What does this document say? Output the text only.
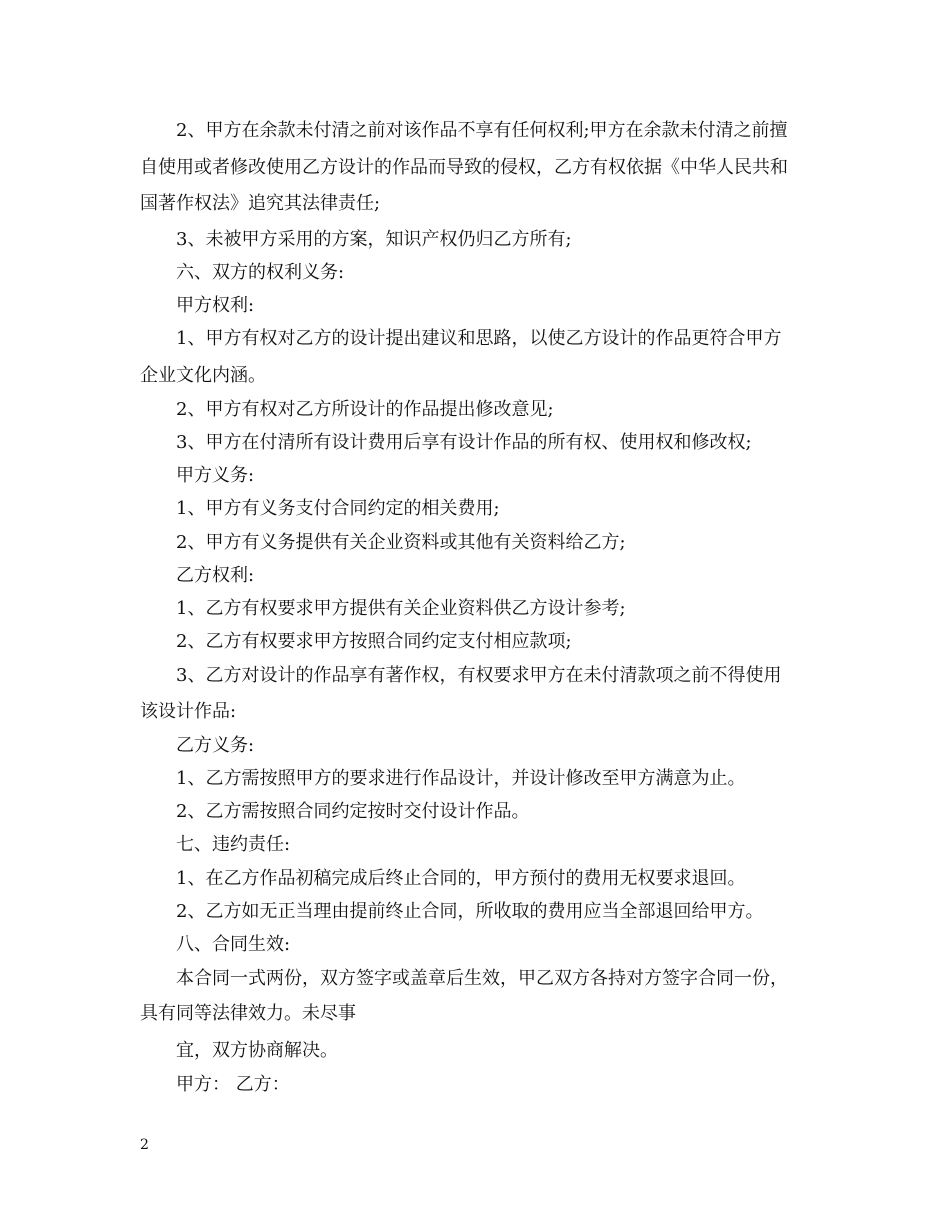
2、甲方在余款未付清之前对该作品不享有任何权利;甲方在余款未付清之前擅
自使用或者修改使用乙方设计的作品而导致的侵权，乙方有权依据《中华人民共和
国著作权法》追究其法律责任;
3、未被甲方采用的方案，知识产权仍归乙方所有;
六、双方的权利义务:
甲方权利:
1、甲方有权对乙方的设计提出建议和思路，以使乙方设计的作品更符合甲方
企业文化内涵。
2、甲方有权对乙方所设计的作品提出修改意见;
3、甲方在付清所有设计费用后享有设计作品的所有权、使用权和修改权;
甲方义务:
1、甲方有义务支付合同约定的相关费用;
2、甲方有义务提供有关企业资料或其他有关资料给乙方;
乙方权利:
1、乙方有权要求甲方提供有关企业资料供乙方设计参考;
2、乙方有权要求甲方按照合同约定支付相应款项;
3、乙方对设计的作品享有著作权，有权要求甲方在未付清款项之前不得使用
该设计作品:
乙方义务:
1、乙方需按照甲方的要求进行作品设计，并设计修改至甲方满意为止。
2、乙方需按照合同约定按时交付设计作品。
七、违约责任:
1、在乙方作品初稿完成后终止合同的，甲方预付的费用无权要求退回。
2、乙方如无正当理由提前终止合同，所收取的费用应当全部退回给甲方。
八、合同生效:
本合同一式两份，双方签字或盖章后生效，甲乙双方各持对方签字合同一份，
具有同等法律效力。未尽事
宜，双方协商解决。
甲方： 乙方：
2
